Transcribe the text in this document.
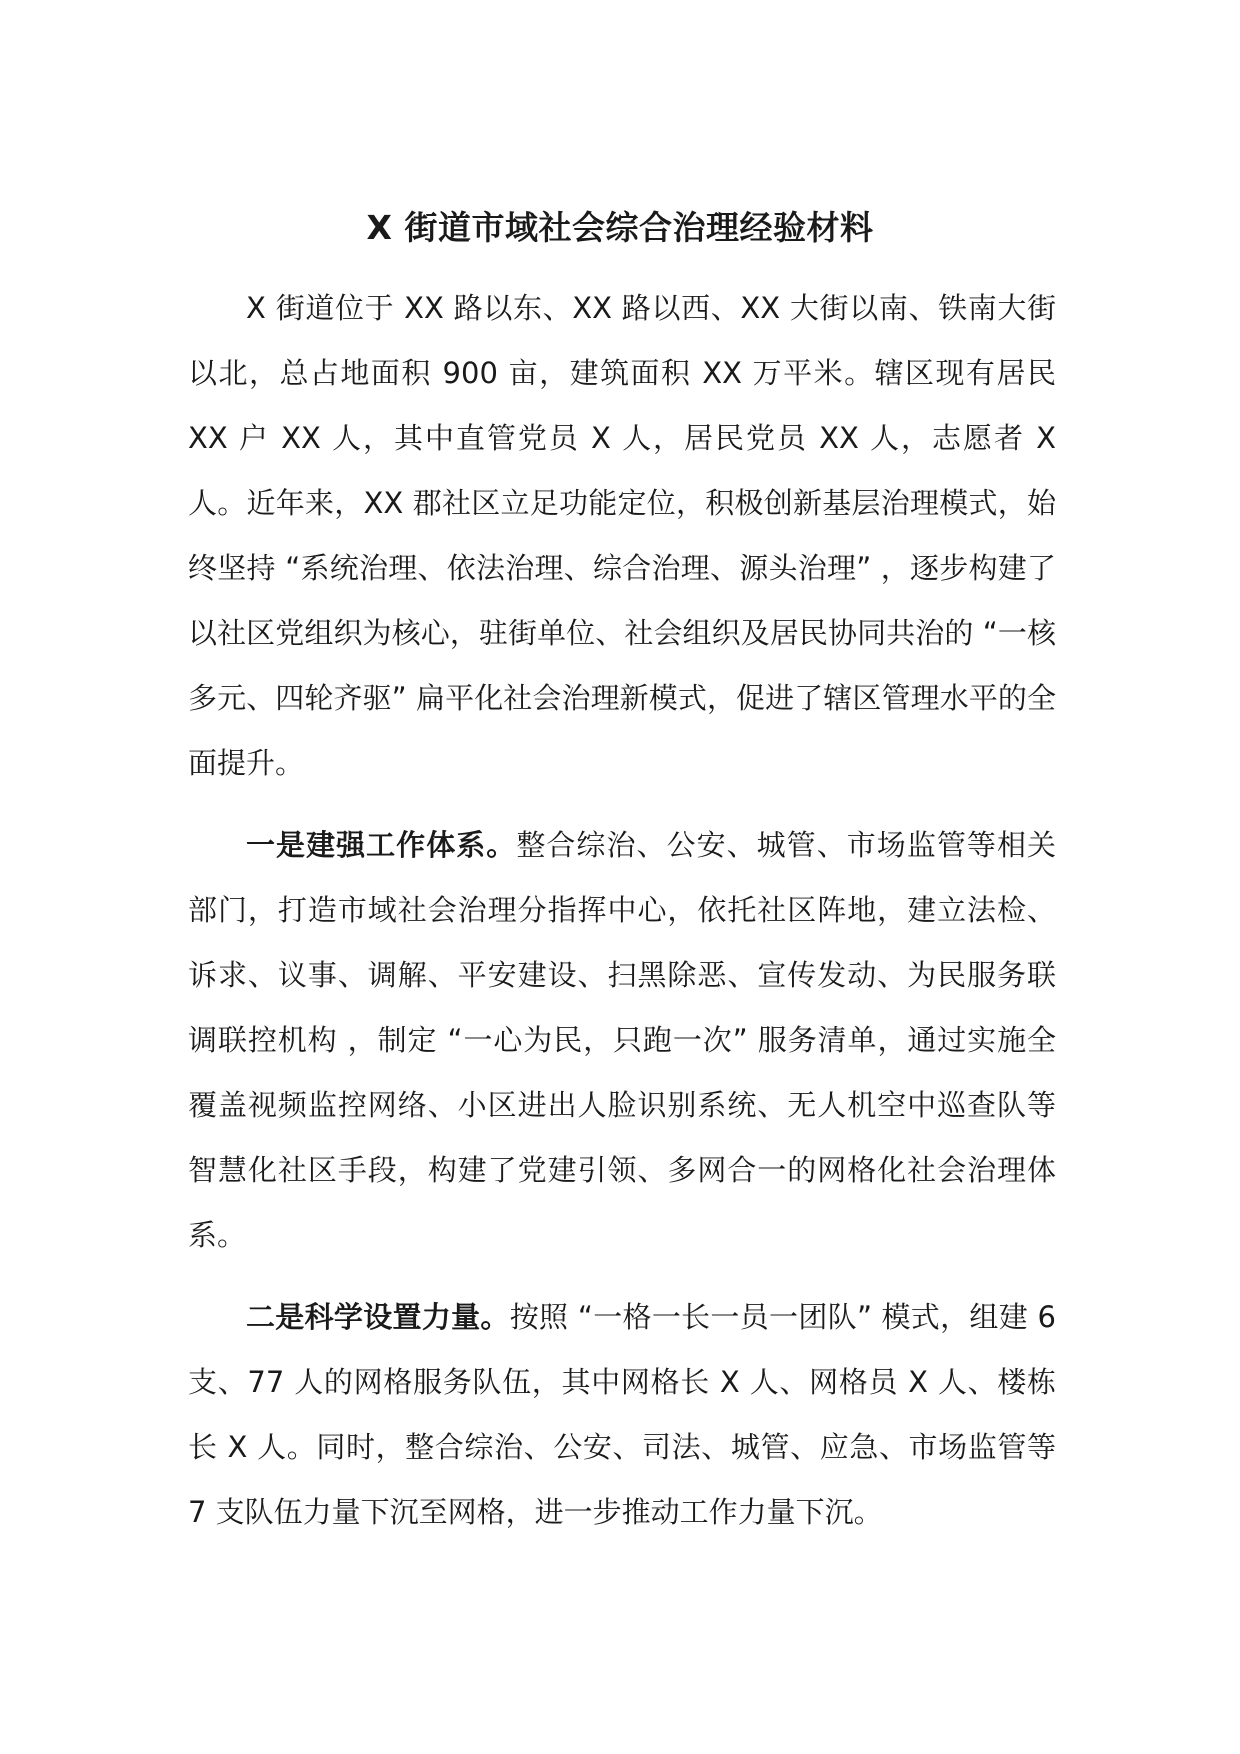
X 街道市域社会综合治理经验材料

X 街道位于 XX 路以东、XX 路以西、XX 大街以南、铁南大街以北，总占地面积 900 亩，建筑面积 XX 万平米。辖区现有居民 XX 户 XX 人，其中直管党员 X 人，居民党员 XX 人，志愿者 X 人。近年来，XX 郡社区立足功能定位，积极创新基层治理模式，始终坚持 “系统治理、依法治理、综合治理、源头治理” ，逐步构建了以社区党组织为核心，驻街单位、社会组织及居民协同共治的 “一核多元、四轮齐驱” 扁平化社会治理新模式，促进了辖区管理水平的全面提升。

一是建强工作体系。整合综治、公安、城管、市场监管等相关部门，打造市域社会治理分指挥中心，依托社区阵地，建立法检、诉求、议事、调解、平安建设、扫黑除恶、宣传发动、为民服务联调联控机构 ，制定 “一心为民，只跑一次” 服务清单，通过实施全覆盖视频监控网络、小区进出人脸识别系统、无人机空中巡查队等智慧化社区手段，构建了党建引领、多网合一的网格化社会治理体系。

二是科学设置力量。按照 “一格一长一员一团队” 模式，组建 6 支、77 人的网格服务队伍，其中网格长 X 人、网格员 X 人、楼栋长 X 人。同时，整合综治、公安、司法、城管、应急、市场监管等 7 支队伍力量下沉至网格，进一步推动工作力量下沉。
